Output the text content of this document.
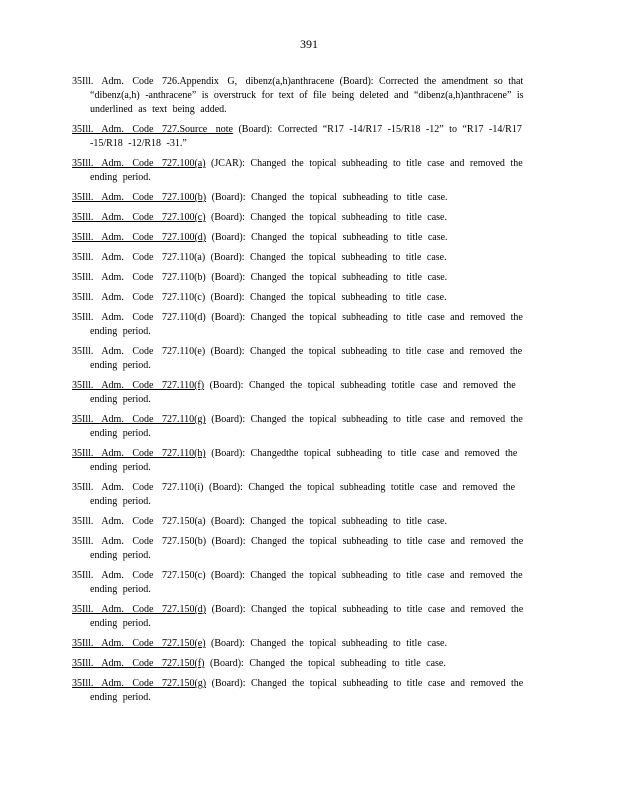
391

35Ill. Adm. Code 726.Appendix G, dibenz(a,h)anthracene (Board): Corrected the amendment so that “dibenz(a,h) -anthracene” is overstruck for text of file being deleted and “dibenz(a,h)anthracene” is underlined as text being added.

35Ill. Adm. Code 727.Source note (Board): Corrected “R17 -14/R17 -15/R18 -12” to “R17 -14/R17 -15/R18 -12/R18 -31.”

35Ill. Adm. Code 727.100(a) (JCAR): Changed the topical subheading to title case and removed the ending period.

35Ill. Adm. Code 727.100(b) (Board): Changed the topical subheading to title case.

35Ill. Adm. Code 727.100(c) (Board): Changed the topical subheading to title case.

35Ill. Adm. Code 727.100(d) (Board): Changed the topical subheading to title case.

35Ill. Adm. Code 727.110(a) (Board): Changed the topical subheading to title case.

35Ill. Adm. Code 727.110(b) (Board): Changed the topical subheading to title case.

35Ill. Adm. Code 727.110(c) (Board): Changed the topical subheading to title case.

35Ill. Adm. Code 727.110(d) (Board): Changed the topical subheading to title case and removed the ending period.

35Ill. Adm. Code 727.110(e) (Board): Changed the topical subheading to title case and removed the ending period.

35Ill. Adm. Code 727.110(f) (Board): Changed the topical subheading totitle case and removed the ending period.

35Ill. Adm. Code 727.110(g) (Board): Changed the topical subheading to title case and removed the ending period.

35Ill. Adm. Code 727.110(h) (Board): Changedthe topical subheading to title case and removed the ending period.

35Ill. Adm. Code 727.110(i) (Board): Changed the topical subheading totitle case and removed the ending period.

35Ill. Adm. Code 727.150(a) (Board): Changed the topical subheading to title case.

35Ill. Adm. Code 727.150(b) (Board): Changed the topical subheading to title case and removed the ending period.

35Ill. Adm. Code 727.150(c) (Board): Changed the topical subheading to title case and removed the ending period.

35Ill. Adm. Code 727.150(d) (Board): Changed the topical subheading to title case and removed the ending period.

35Ill. Adm. Code 727.150(e) (Board): Changed the topical subheading to title case.

35Ill. Adm. Code 727.150(f) (Board): Changed the topical subheading to title case.

35Ill. Adm. Code 727.150(g) (Board): Changed the topical subheading to title case and removed the ending period.
